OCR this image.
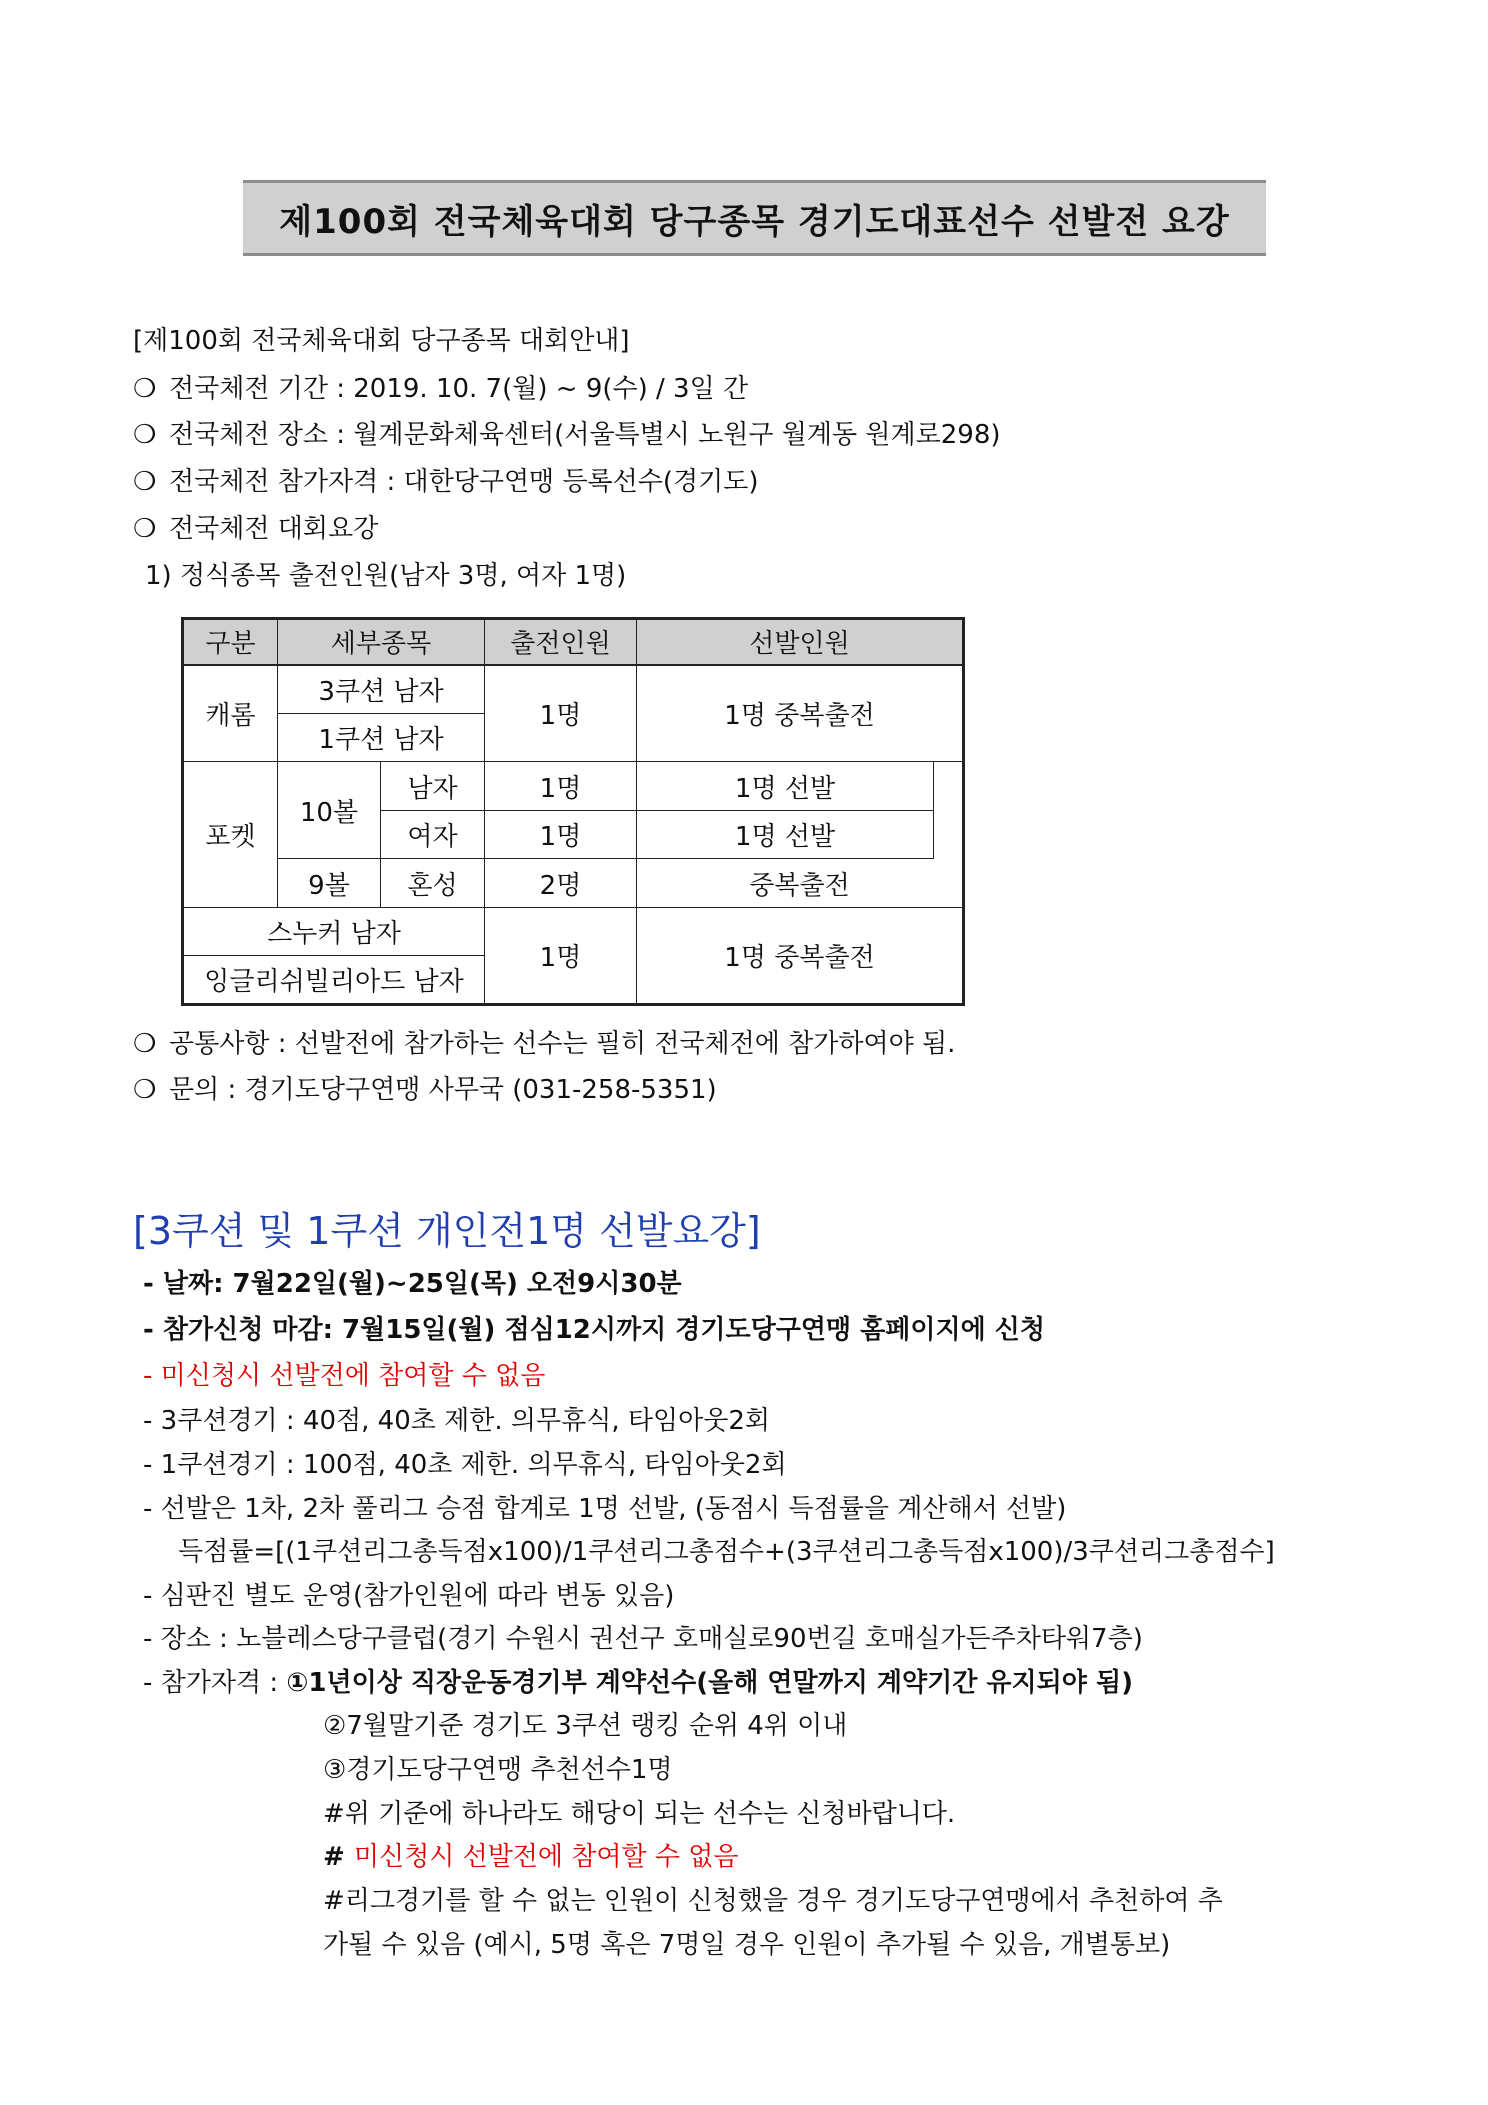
제100회 전국체육대회 당구종목 경기도대표선수 선발전 요강
[제100회 전국체육대회 당구종목 대회안내]
❍ 전국체전 기간 : 2019. 10. 7(월) ~ 9(수) / 3일 간
❍ 전국체전 장소 : 월계문화체육센터(서울특별시 노원구 월계동 원계로298)
❍ 전국체전 참가자격 : 대한당구연맹 등록선수(경기도)
❍ 전국체전 대회요강
1) 정식종목 출전인원(남자 3명, 여자 1명)
구분	세부종목		출전인원	선발인원	
캐롬	3쿠션 남자		1명	1명 중복출전	
	1쿠션 남자				
포켓	10볼	남자	1명	1명 선발	
		여자	1명	1명 선발	
	9볼	혼성	2명	중복출전	
스누커 남자			1명	1명 중복출전	
잉글리쉬빌리아드 남자					
❍ 공통사항 : 선발전에 참가하는 선수는 필히 전국체전에 참가하여야 됨.
❍ 문의 : 경기도당구연맹 사무국 (031-258-5351)
[3쿠션 및 1쿠션 개인전1명 선발요강]
- 날짜: 7월22일(월)~25일(목) 오전9시30분
- 참가신청 마감: 7월15일(월) 점심12시까지 경기도당구연맹 홈페이지에 신청
- 미신청시 선발전에 참여할 수 없음
- 3쿠션경기 : 40점, 40초 제한. 의무휴식, 타임아웃2회
- 1쿠션경기 : 100점, 40초 제한. 의무휴식, 타임아웃2회
- 선발은 1차, 2차 풀리그 승점 합계로 1명 선발, (동점시 득점률을 계산해서 선발)
득점률=[(1쿠션리그총득점x100)/1쿠션리그총점수+(3쿠션리그총득점x100)/3쿠션리그총점수]
- 심판진 별도 운영(참가인원에 따라 변동 있음)
- 장소 : 노블레스당구클럽(경기 수원시 권선구 호매실로90번길 호매실가든주차타워7층)
- 참가자격 : ①1년이상 직장운동경기부 계약선수(올해 연말까지 계약기간 유지되야 됨)
②7월말기준 경기도 3쿠션 랭킹 순위 4위 이내
③경기도당구연맹 추천선수1명
#위 기준에 하나라도 해당이 되는 선수는 신청바랍니다.
# 미신청시 선발전에 참여할 수 없음
#리그경기를 할 수 없는 인원이 신청했을 경우 경기도당구연맹에서 추천하여 추
가될 수 있음 (예시, 5명 혹은 7명일 경우 인원이 추가될 수 있음, 개별통보)
